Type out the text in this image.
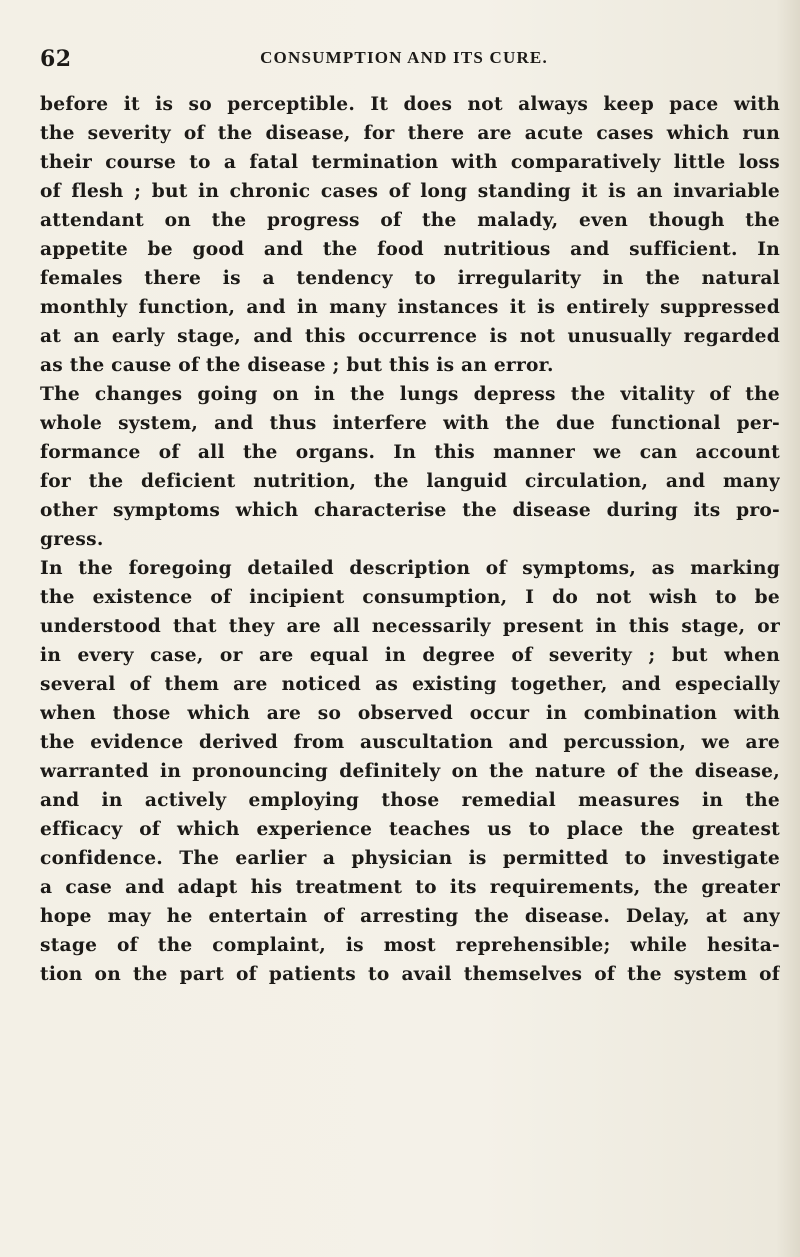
62	CONSUMPTION AND ITS CURE.
before it is so perceptible. It does not always keep pace with
the severity of the disease, for there are acute cases which run
their course to a fatal termination with comparatively little loss
of flesh ; but in chronic cases of long standing it is an invariable
attendant on the progress of the malady, even though the
appetite be good and the food nutritious and sufficient. In
females there is a tendency to irregularity in the natural
monthly function, and in many instances it is entirely suppressed
at an early stage, and this occurrence is not unusually regarded
as the cause of the disease ; but this is an error.
The changes going on in the lungs depress the vitality of the
whole system, and thus interfere with the due functional per-
formance of all the organs. In this manner we can account
for the deficient nutrition, the languid circulation, and many
other symptoms which characterise the disease during its pro-
gress.
In the foregoing detailed description of symptoms, as marking
the existence of incipient consumption, I do not wish to be
understood that they are all necessarily present in this stage, or
in every case, or are equal in degree of severity ; but when
several of them are noticed as existing together, and especially
when those which are so observed occur in combination with
the evidence derived from auscultation and percussion, we are
warranted in pronouncing definitely on the nature of the disease,
and in actively employing those remedial measures in the
efficacy of which experience teaches us to place the greatest
confidence. The earlier a physician is permitted to investigate
a case and adapt his treatment to its requirements, the greater
hope may he entertain of arresting the disease. Delay, at any
stage of the complaint, is most reprehensible; while hesita-
tion on the part of patients to avail themselves of the system of
